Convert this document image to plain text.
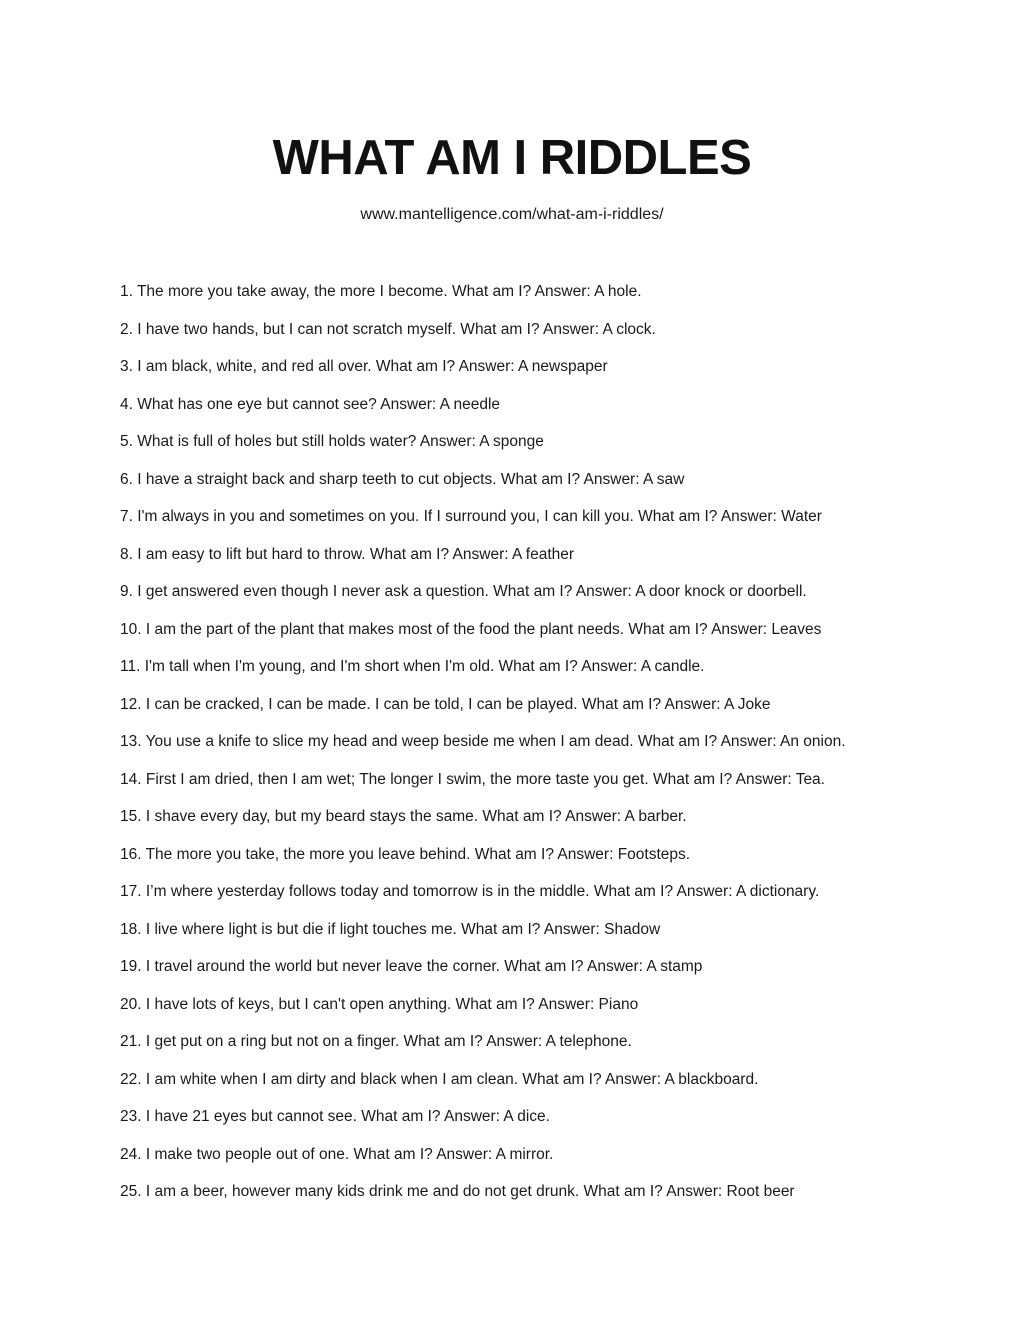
WHAT AM I RIDDLES
www.mantelligence.com/what-am-i-riddles/
1. The more you take away, the more I become. What am I? Answer: A hole.
2. I have two hands, but I can not scratch myself. What am I? Answer: A clock.
3. I am black, white, and red all over. What am I? Answer: A newspaper
4. What has one eye but cannot see? Answer: A needle
5. What is full of holes but still holds water? Answer: A sponge
6. I have a straight back and sharp teeth to cut objects. What am I? Answer: A saw
7. I'm always in you and sometimes on you. If I surround you, I can kill you. What am I? Answer: Water
8. I am easy to lift but hard to throw. What am I? Answer: A feather
9. I get answered even though I never ask a question. What am I? Answer: A door knock or doorbell.
10. I am the part of the plant that makes most of the food the plant needs. What am I? Answer: Leaves
11. I'm tall when I'm young, and I'm short when I'm old. What am I? Answer: A candle.
12. I can be cracked, I can be made. I can be told, I can be played. What am I? Answer: A Joke
13. You use a knife to slice my head and weep beside me when I am dead. What am I? Answer: An onion.
14. First I am dried, then I am wet; The longer I swim, the more taste you get. What am I? Answer: Tea.
15. I shave every day, but my beard stays the same. What am I? Answer: A barber.
16. The more you take, the more you leave behind. What am I? Answer: Footsteps.
17. I’m where yesterday follows today and tomorrow is in the middle. What am I? Answer: A dictionary.
18. I live where light is but die if light touches me. What am I? Answer: Shadow
19. I travel around the world but never leave the corner. What am I? Answer: A stamp
20. I have lots of keys, but I can't open anything. What am I? Answer: Piano
21. I get put on a ring but not on a finger. What am I? Answer: A telephone.
22. I am white when I am dirty and black when I am clean. What am I? Answer: A blackboard.
23. I have 21 eyes but cannot see. What am I? Answer: A dice.
24. I make two people out of one. What am I? Answer: A mirror.
25. I am a beer, however many kids drink me and do not get drunk. What am I? Answer: Root beer
